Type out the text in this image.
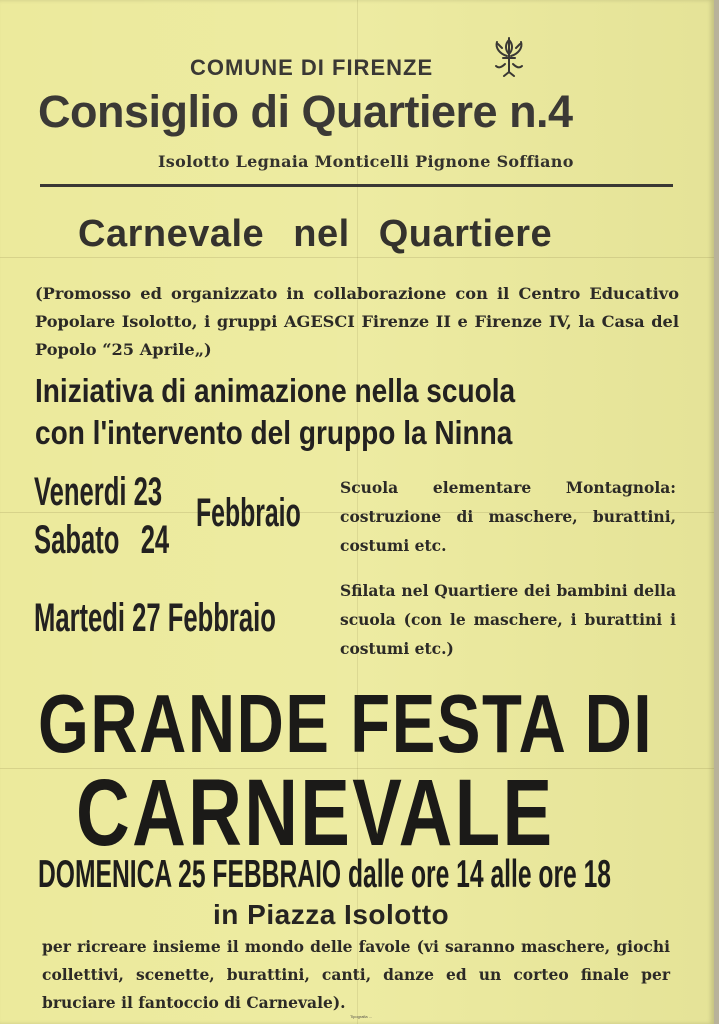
COMUNE DI FIRENZE
Consiglio di Quartiere n.4
Isolotto Legnaia Monticelli Pignone Soffiano
Carnevale nel Quartiere
(Promosso ed organizzato in collaborazione con il Centro Educativo Popolare Isolotto, i gruppi AGESCI Firenze II e Firenze IV, la Casa del Popolo “25 Aprile„)
Iniziativa di animazione nella scuola
con l'intervento del gruppo la Ninna
Venerdi 23
Sabato   24
Febbraio
Scuola elementare Montagnola: costruzione di maschere, burattini, costumi etc.
Martedi 27 Febbraio
Sfilata nel Quartiere dei bambini della scuola (con le maschere, i burattini i costumi etc.)
GRANDE FESTA DI
CARNEVALE
DOMENICA 25 FEBBRAIO dalle ore 14 alle ore 18
in Piazza Isolotto
per ricreare insieme il mondo delle favole (vi saranno maschere, giochi collettivi, scenette, burattini, canti, danze ed un corteo finale per bruciare il fantoccio di Carnevale).
Tipografia ...
